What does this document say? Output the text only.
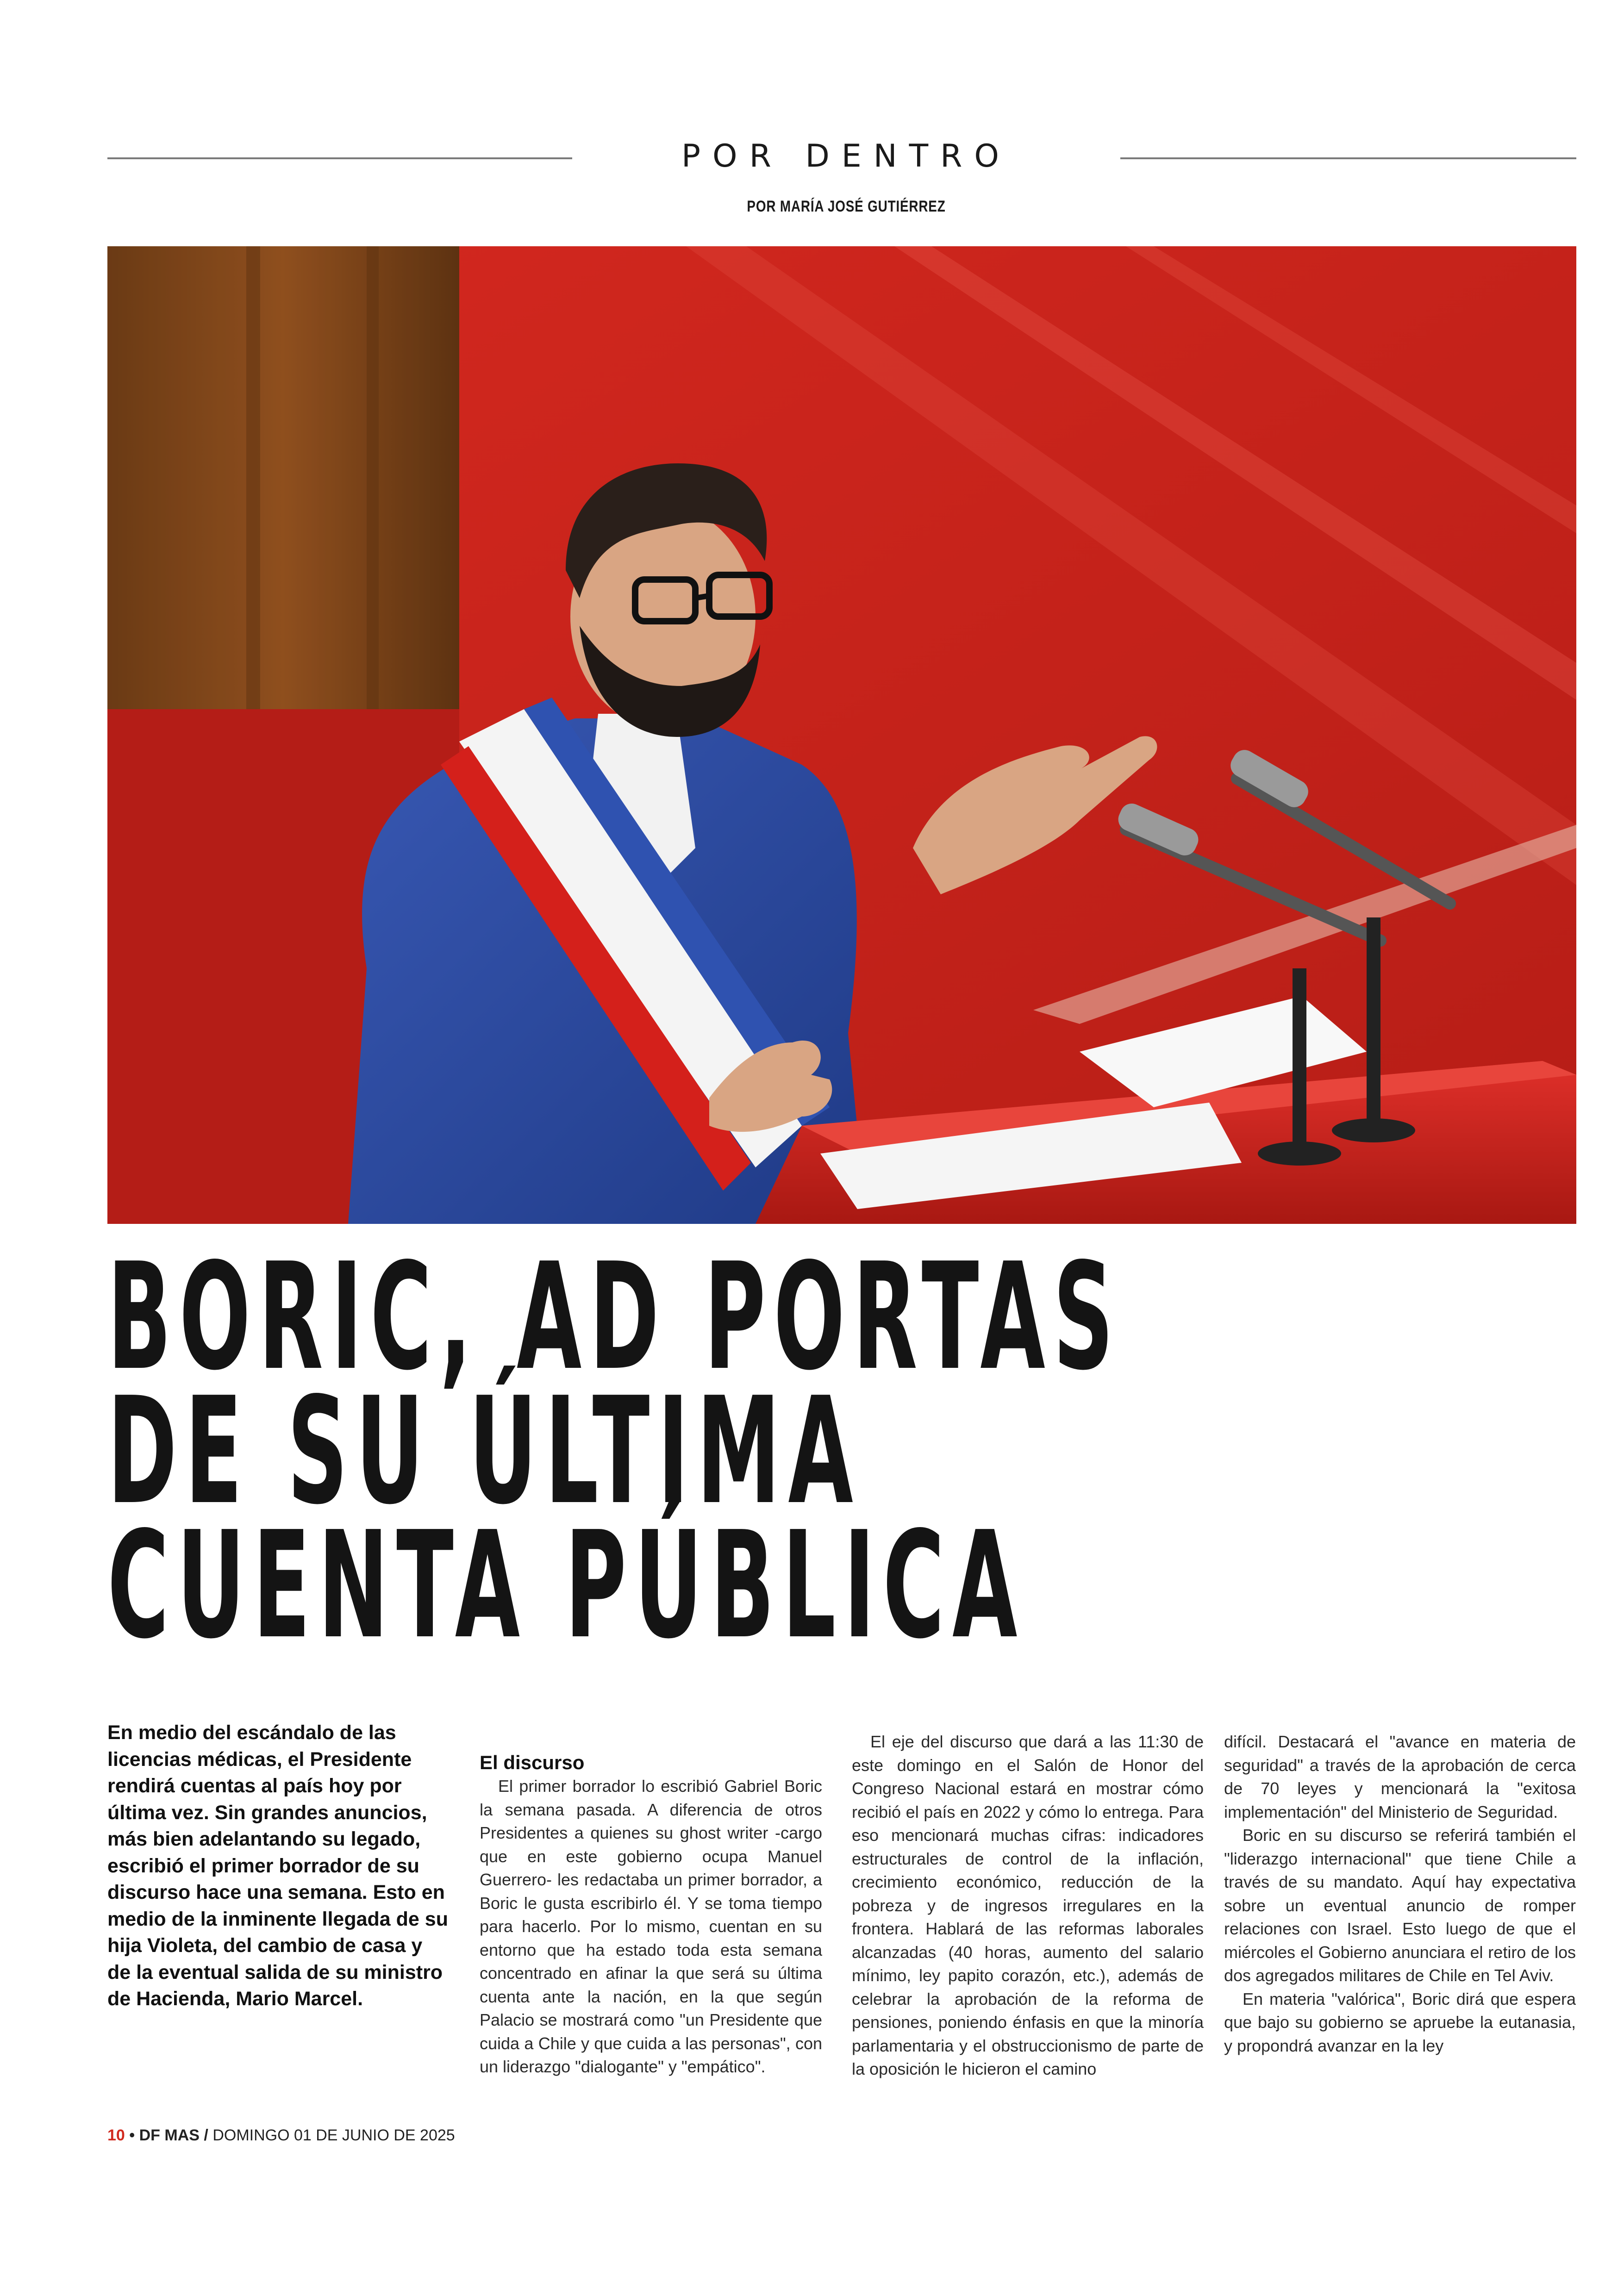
POR DENTRO
POR MARÍA JOSÉ GUTIÉRREZ
BORIC, AD PORTAS
DE SU ÚLTIMA
CUENTA PÚBLICA
En medio del escándalo de las licencias médicas, el Presidente rendirá cuentas al país hoy por última vez. Sin grandes anuncios, más bien adelantando su legado, escribió el primer borrador de su discurso hace una semana. Esto en medio de la inminente llegada de su hija Violeta, del cambio de casa y de la eventual salida de su ministro de Hacienda, Mario Marcel.
El discurso

El primer borrador lo escribió Gabriel Boric la semana pasada. A diferencia de otros Presidentes a quienes su ghost writer -cargo que en este gobierno ocupa Manuel Guerrero- les redactaba un primer borrador, a Boric le gusta escribirlo él. Y se toma tiempo para hacerlo. Por lo mismo, cuentan en su entorno que ha estado toda esta semana concentrado en afinar la que será su última cuenta ante la nación, en la que según Palacio se mostrará como "un Presidente que cuida a Chile y que cuida a las personas", con un liderazgo "dialogante" y "empático".

El eje del discurso que dará a las 11:30 de este domingo en el Salón de Honor del Congreso Nacional estará en mostrar cómo recibió el país en 2022 y cómo lo entrega. Para eso mencionará muchas cifras: indicadores estructurales de control de la inflación, crecimiento económico, reducción de la pobreza y de ingresos irregulares en la frontera. Hablará de las reformas laborales alcanzadas (40 horas, aumento del salario mínimo, ley papito corazón, etc.), además de celebrar la aprobación de la reforma de pensiones, poniendo énfasis en que la minoría parlamentaria y el obstruccionismo de parte de la oposición le hicieron el camino

difícil. Destacará el "avance en materia de seguridad" a través de la aprobación de cerca de 70 leyes y mencionará la "exitosa implementación" del Ministerio de Seguridad.

Boric en su discurso se referirá también el "liderazgo internacional" que tiene Chile a través de su mandato. Aquí hay expectativa sobre un eventual anuncio de romper relaciones con Israel. Esto luego de que el miércoles el Gobierno anunciara el retiro de los dos agregados militares de Chile en Tel Aviv.

En materia "valórica", Boric dirá que espera que bajo su gobierno se apruebe la eutanasia, y propondrá avanzar en la ley

10 • DF MAS / DOMINGO 01 DE JUNIO DE 2025
